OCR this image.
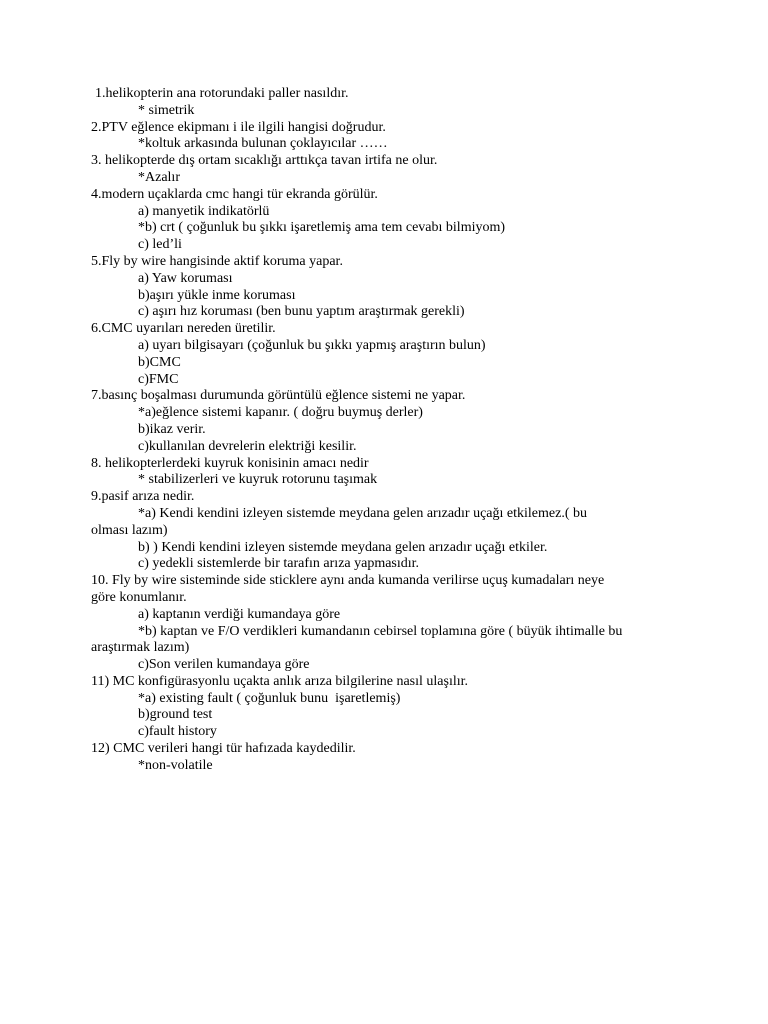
1.helikopterin ana rotorundaki paller nasıldır.
* simetrik
2.PTV eğlence ekipmanı i ile ilgili hangisi doğrudur.
*koltuk arkasında bulunan çoklayıcılar ……
3. helikopterde dış ortam sıcaklığı arttıkça tavan irtifa ne olur.
*Azalır
4.modern uçaklarda cmc hangi tür ekranda görülür.
a) manyetik indikatörlü
*b) crt ( çoğunluk bu şıkkı işaretlemiş ama tem cevabı bilmiyom)
c) led’li
5.Fly by wire hangisinde aktif koruma yapar.
a) Yaw koruması
b)aşırı yükle inme koruması
c) aşırı hız koruması (ben bunu yaptım araştırmak gerekli)
6.CMC uyarıları nereden üretilir.
a) uyarı bilgisayarı (çoğunluk bu şıkkı yapmış araştırın bulun)
b)CMC
c)FMC
7.basınç boşalması durumunda görüntülü eğlence sistemi ne yapar.
*a)eğlence sistemi kapanır. ( doğru buymuş derler)
b)ikaz verir.
c)kullanılan devrelerin elektriği kesilir.
8. helikopterlerdeki kuyruk konisinin amacı nedir
* stabilizerleri ve kuyruk rotorunu taşımak
9.pasif arıza nedir.
*a) Kendi kendini izleyen sistemde meydana gelen arızadır uçağı etkilemez.( bu
olması lazım)
b) ) Kendi kendini izleyen sistemde meydana gelen arızadır uçağı etkiler.
c) yedekli sistemlerde bir tarafın arıza yapmasıdır.
10. Fly by wire sisteminde side sticklere aynı anda kumanda verilirse uçuş kumadaları neye
göre konumlanır.
a) kaptanın verdiği kumandaya göre
*b) kaptan ve F/O verdikleri kumandanın cebirsel toplamına göre ( büyük ihtimalle bu
araştırmak lazım)
c)Son verilen kumandaya göre
11) MC konfigürasyonlu uçakta anlık arıza bilgilerine nasıl ulaşılır.
*a) existing fault ( çoğunluk bunu  işaretlemiş)
b)ground test
c)fault history
12) CMC verileri hangi tür hafızada kaydedilir.
*non-volatile
